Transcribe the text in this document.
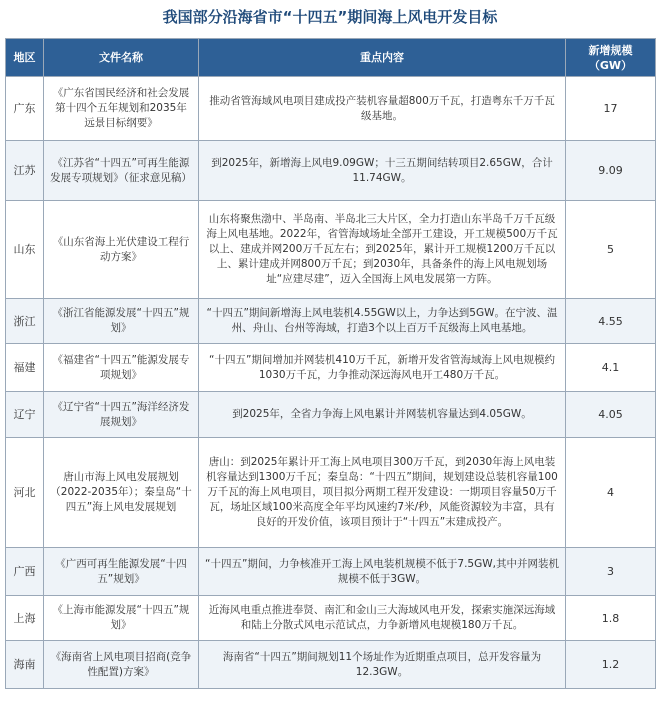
我国部分沿海省市“十四五”期间海上风电开发目标
地区	文件名称	重点内容	新增规模（GW）
广东	《广东省国民经济和社会发展第十四个五年规划和2035年远景目标纲要》	推动省管海域风电项目建成投产装机容量超800万千瓦，打造粤东千万千瓦级基地。	17
江苏	《江苏省“十四五”可再生能源发展专项规划》（征求意见稿）	到2025年，新增海上风电9.09GW；十三五期间结转项目2.65GW，合计11.74GW。	9.09
山东	《山东省海上光伏建设工程行动方案》	山东将聚焦渤中、半岛南、半岛北三大片区，全力打造山东半岛千万千瓦级海上风电基地。2022年，省管海域场址全部开工建设，开工规模500万千瓦以上、建成并网200万千瓦左右；到2025年，累计开工规模1200万千瓦以上、累计建成并网800万千瓦；到2030年，具备条件的海上风电规划场址“应建尽建”，迈入全国海上风电发展第一方阵。	5
浙江	《浙江省能源发展“十四五”规划》	“十四五”期间新增海上风电装机4.55GW以上，力争达到5GW。在宁波、温州、舟山、台州等海域，打造3个以上百万千瓦级海上风电基地。	4.55
福建	《福建省“十四五”能源发展专项规划》	“十四五”期间增加并网装机410万千瓦，新增开发省管海域海上风电规模约1030万千瓦，力争推动深远海风电开工480万千瓦。	4.1
辽宁	《辽宁省“十四五”海洋经济发展规划》	到2025年，全省力争海上风电累计并网装机容量达到4.05GW。	4.05
河北	唐山市海上风电发展规划（2022-2035年）；秦皇岛“十四五”海上风电发展规划	唐山：到2025年累计开工海上风电项目300万千瓦，到2030年海上风电装机容量达到1300万千瓦；秦皇岛：“十四五”期间，规划建设总装机容量100万千瓦的海上风电项目，项目拟分两期工程开发建设：一期项目容量50万千瓦，场址区域100米高度全年平均风速约7米/秒，风能资源较为丰富，具有良好的开发价值，该项目预计于“十四五”末建成投产。	4
广西	《广西可再生能源发展“十四五”规划》	“十四五”期间，力争核准开工海上风电装机规模不低于7.5GW,其中并网装机规模不低于3GW。	3
上海	《上海市能源发展“十四五”规划》	近海风电重点推进奉贤、南汇和金山三大海域风电开发，探索实施深远海域和陆上分散式风电示范试点，力争新增风电规模180万千瓦。	1.8
海南	《海南省上风电项目招商(竞争性配置)方案》	海南省“十四五”期间规划11个场址作为近期重点项目，总开发容量为12.3GW。	1.2
